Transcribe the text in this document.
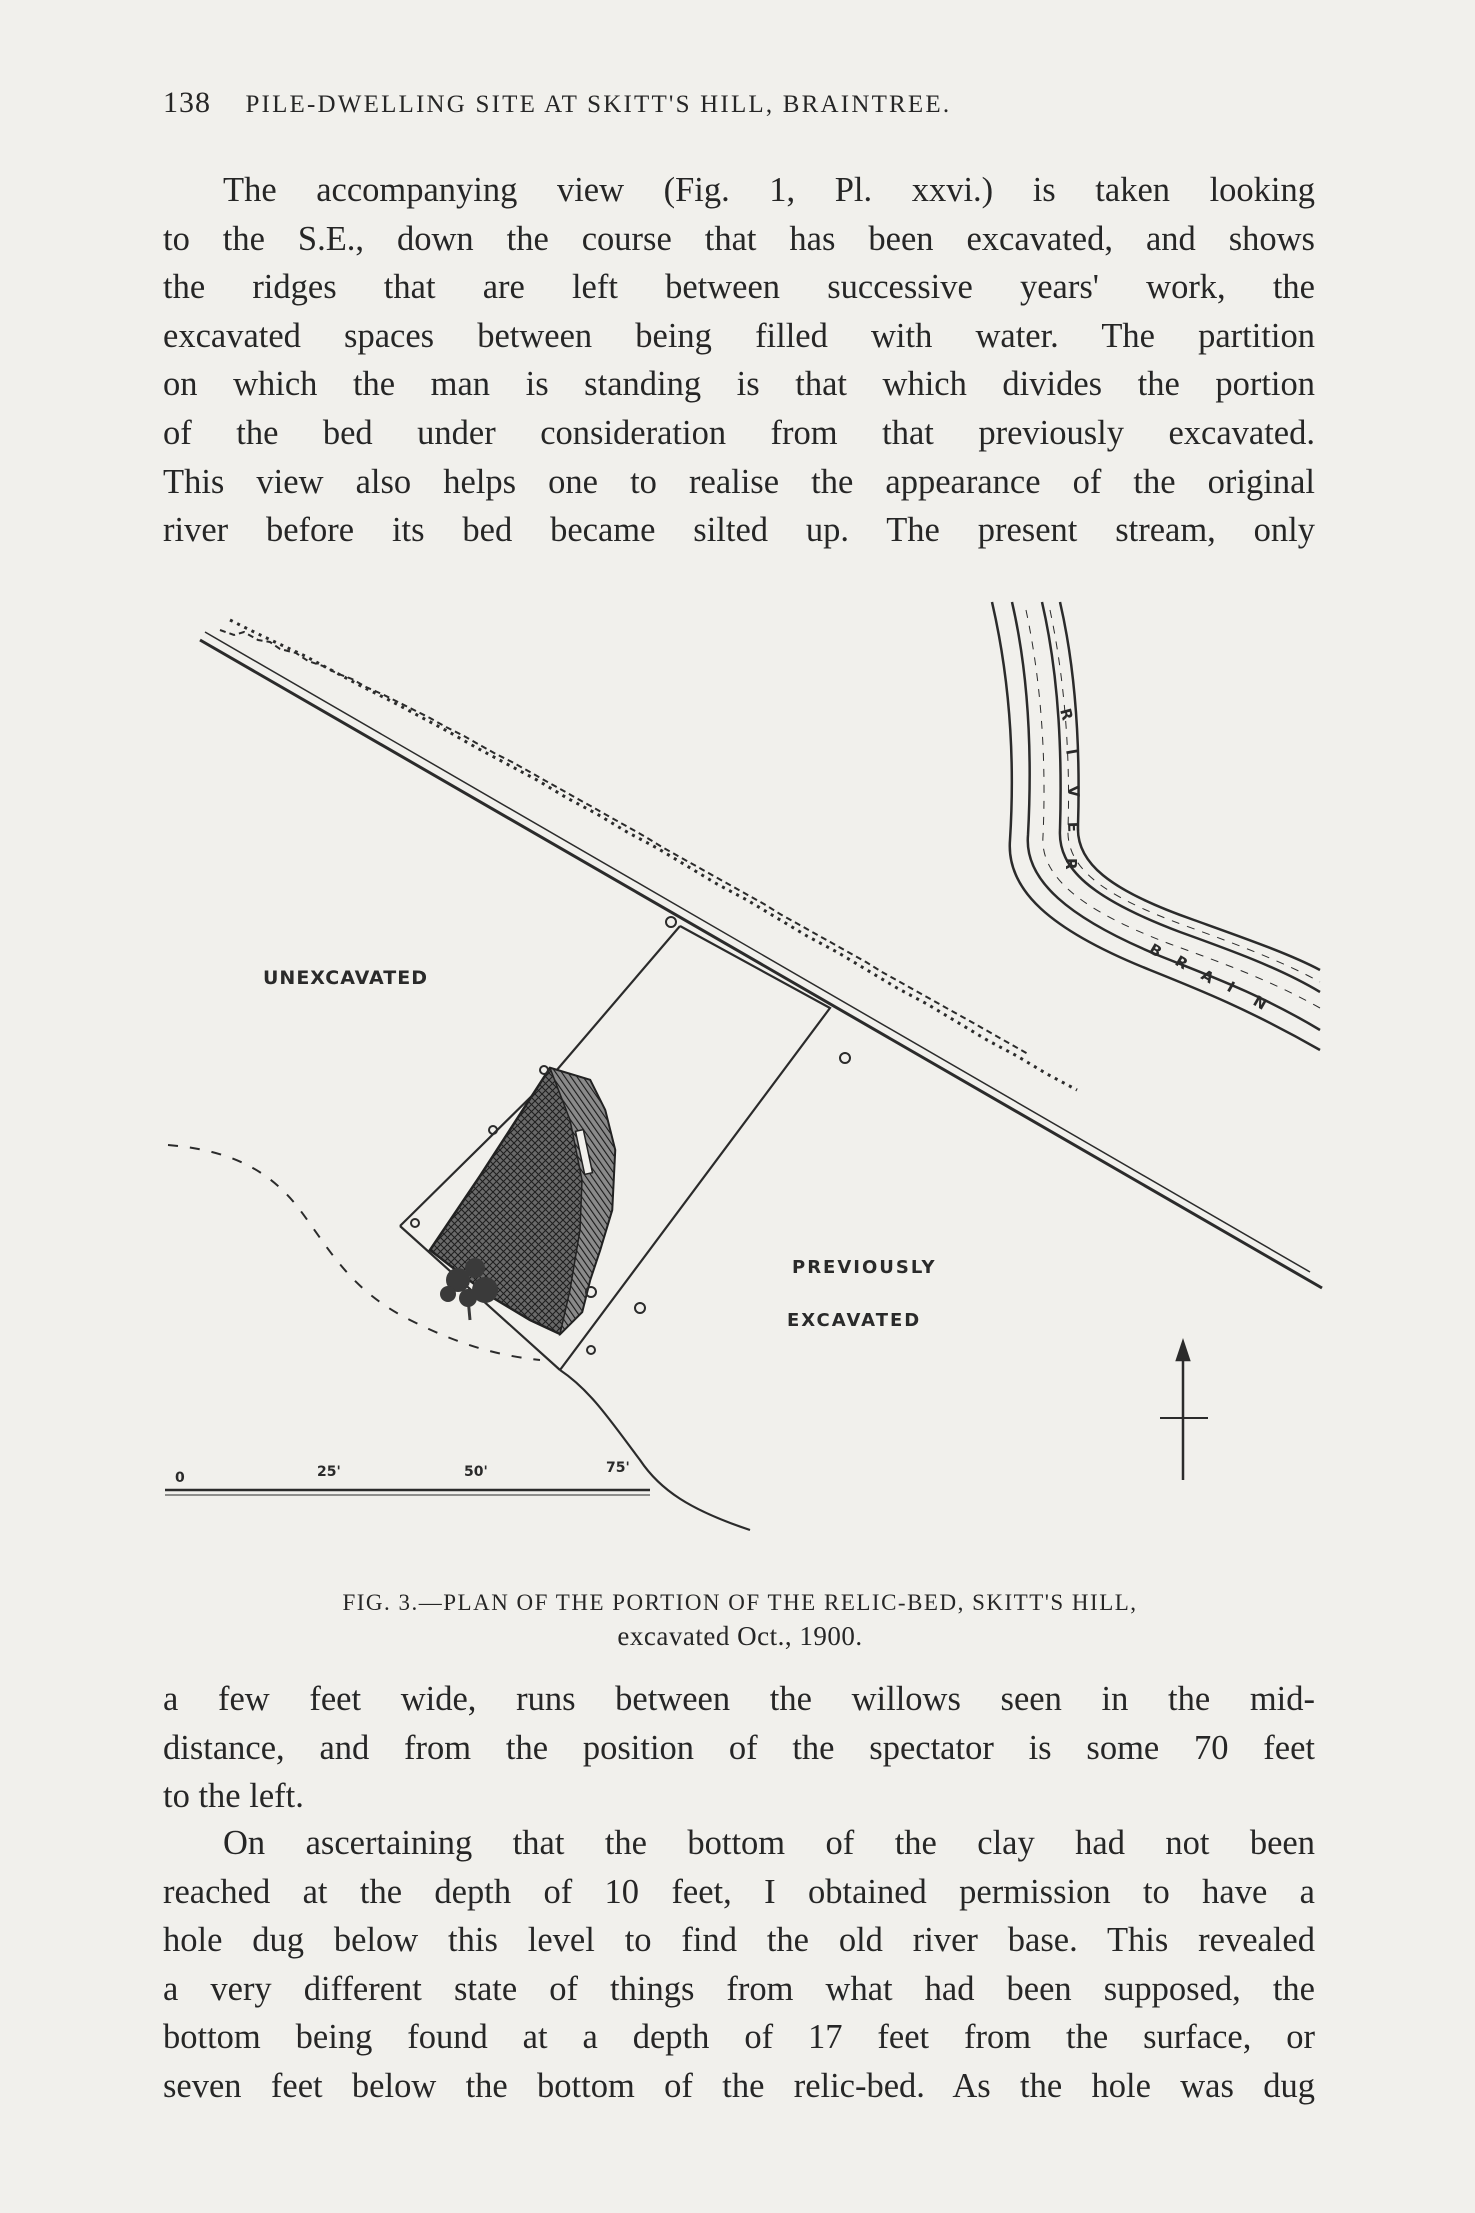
138 PILE-DWELLING SITE AT SKITT'S HILL, BRAINTREE.
The accompanying view (Fig. 1, Pl. xxvi.) is taken looking
to the S.E., down the course that has been excavated, and shows
the ridges that are left between successive years' work, the
excavated spaces between being filled with water. The partition
on which the man is standing is that which divides the portion
of the bed under consideration from that previously excavated.
This view also helps one to realise the appearance of the original
river before its bed became silted up. The present stream, only
R
I
V
E
R
B
R
A I
N
UNEXCAVATED
PREVIOUSLY
EXCAVATED
0	25'	50'	75'
FIG. 3.—PLAN OF THE PORTION OF THE RELIC-BED, SKITT'S HILL,
excavated Oct., 1900.
a few feet wide, runs between the willows seen in the mid-
distance, and from the position of the spectator is some 70 feet
to the left.
On ascertaining that the bottom of the clay had not been
reached at the depth of 10 feet, I obtained permission to have a
hole dug below this level to find the old river base. This revealed
a very different state of things from what had been supposed, the
bottom being found at a depth of 17 feet from the surface, or
seven feet below the bottom of the relic-bed. As the hole was dug
